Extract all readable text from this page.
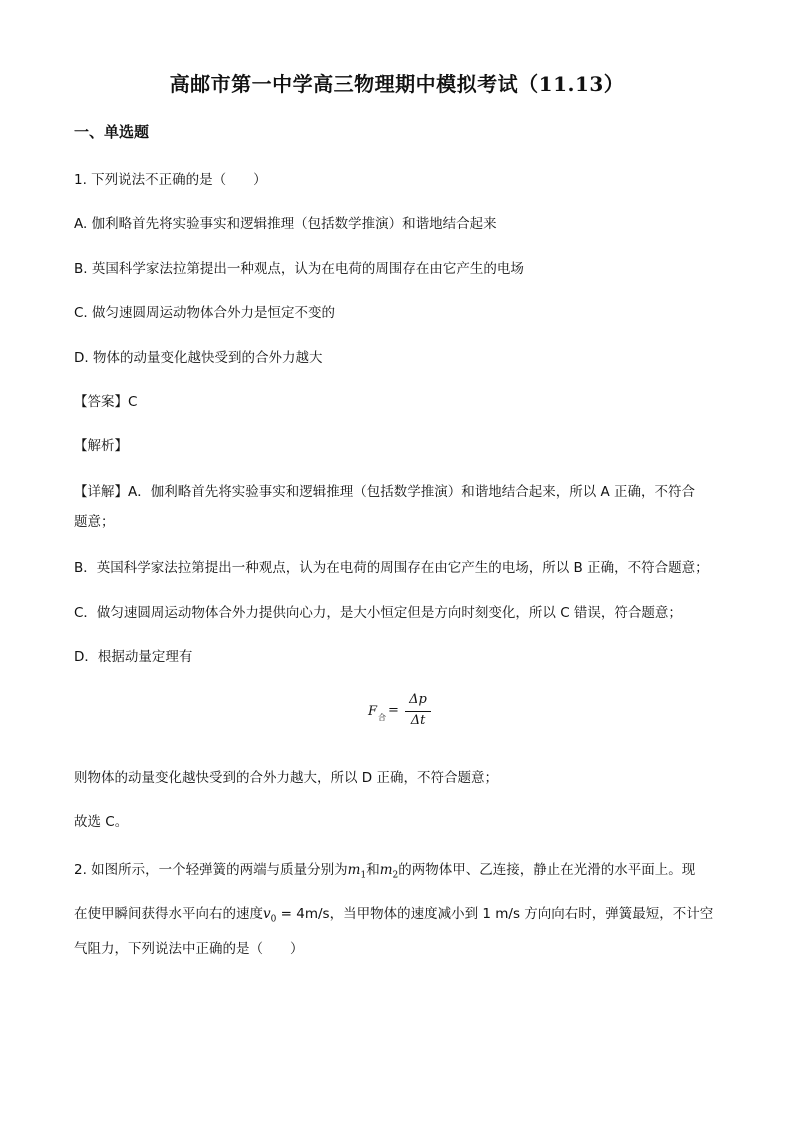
高邮市第一中学高三物理期中模拟考试（11.13）
一、单选题
1. 下列说法不正确的是（　　）
A. 伽利略首先将实验事实和逻辑推理（包括数学推演）和谐地结合起来
B. 英国科学家法拉第提出一种观点，认为在电荷的周围存在由它产生的电场
C. 做匀速圆周运动物体合外力是恒定不变的
D. 物体的动量变化越快受到的合外力越大
【答案】C
【解析】
【详解】A．伽利略首先将实验事实和逻辑推理（包括数学推演）和谐地结合起来，所以 A 正确，不符合
题意；
B．英国科学家法拉第提出一种观点，认为在电荷的周围存在由它产生的电场，所以 B 正确，不符合题意；
C．做匀速圆周运动物体合外力提供向心力，是大小恒定但是方向时刻变化，所以 C 错误，符合题意；
D．根据动量定理有
F 合 =
Δp
Δt
则物体的动量变化越快受到的合外力越大，所以 D 正确，不符合题意；
故选 C。
2. 如图所示，一个轻弹簧的两端与质量分别为$m_1$和$m_2$的两物体甲、乙连接，静止在光滑的水平面上。现
在使甲瞬间获得水平向右的速度$v_0 = 4m/s$，当甲物体的速度减小到 1 m/s 方向向右时，弹簧最短，不计空
气阻力，下列说法中正确的是（　　）
